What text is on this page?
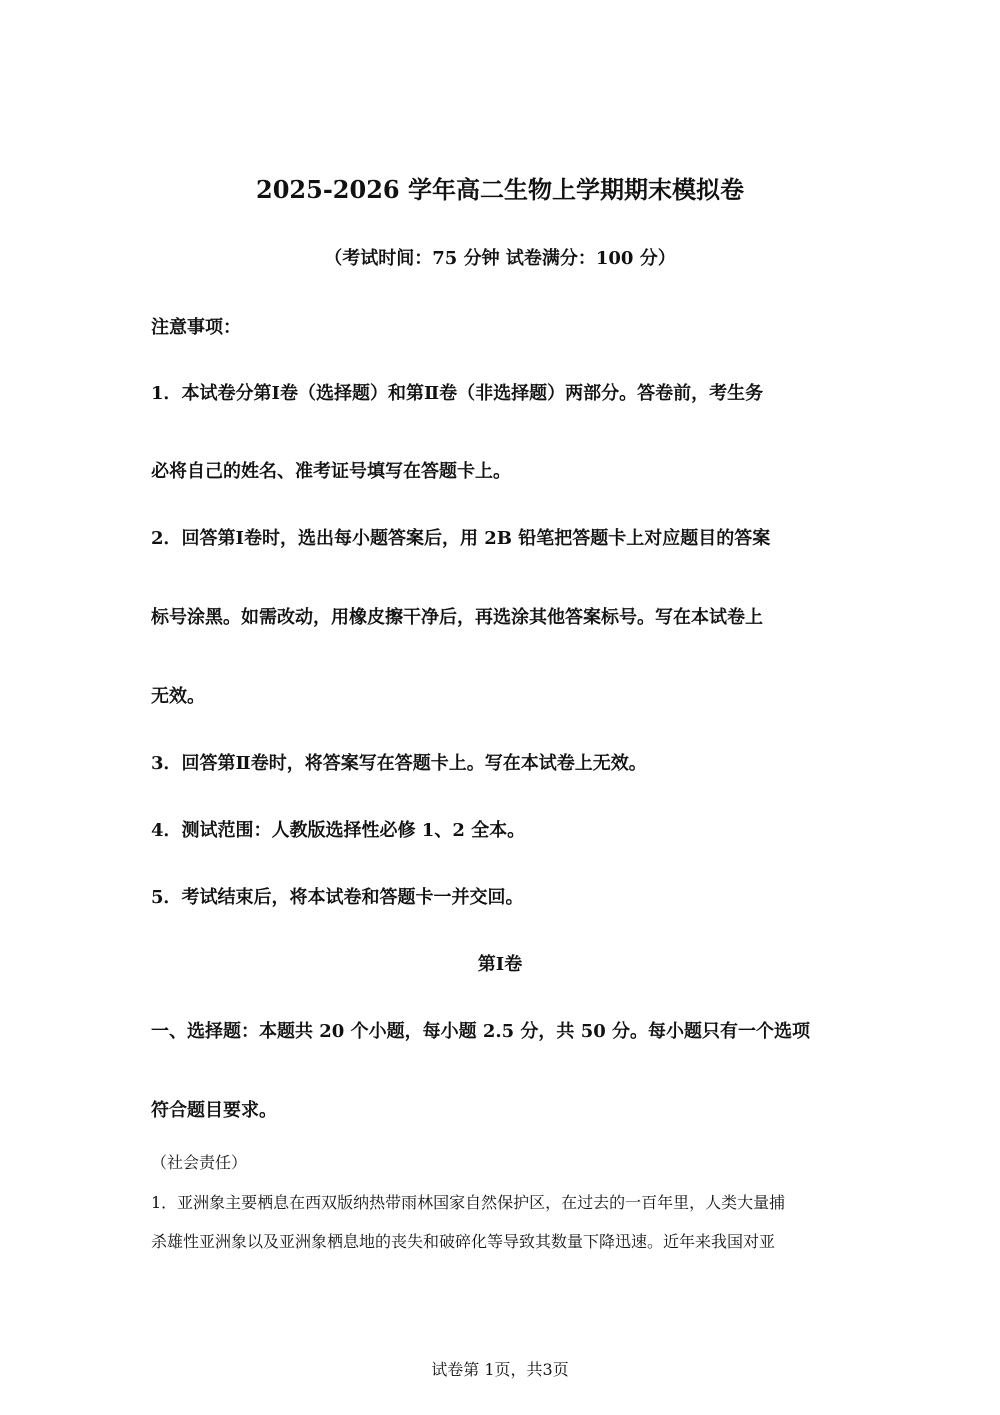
2025-2026 学年高二生物上学期期末模拟卷
（考试时间：75 分钟 试卷满分：100 分）
注意事项：
1．本试卷分第Ⅰ卷（选择题）和第Ⅱ卷（非选择题）两部分。答卷前，考生务
必将自己的姓名、准考证号填写在答题卡上。
2．回答第Ⅰ卷时，选出每小题答案后，用 2B 铅笔把答题卡上对应题目的答案
标号涂黑。如需改动，用橡皮擦干净后，再选涂其他答案标号。写在本试卷上
无效。
3．回答第Ⅱ卷时，将答案写在答题卡上。写在本试卷上无效。
4．测试范围：人教版选择性必修 1、2 全本。
5．考试结束后，将本试卷和答题卡一并交回。
第Ⅰ卷
一、选择题：本题共 20 个小题，每小题 2.5 分，共 50 分。每小题只有一个选项
符合题目要求。
（社会责任）
1．亚洲象主要栖息在西双版纳热带雨林国家自然保护区，在过去的一百年里，人类大量捕
杀雄性亚洲象以及亚洲象栖息地的丧失和破碎化等导致其数量下降迅速。近年来我国对亚
试卷第 1页，共3页
